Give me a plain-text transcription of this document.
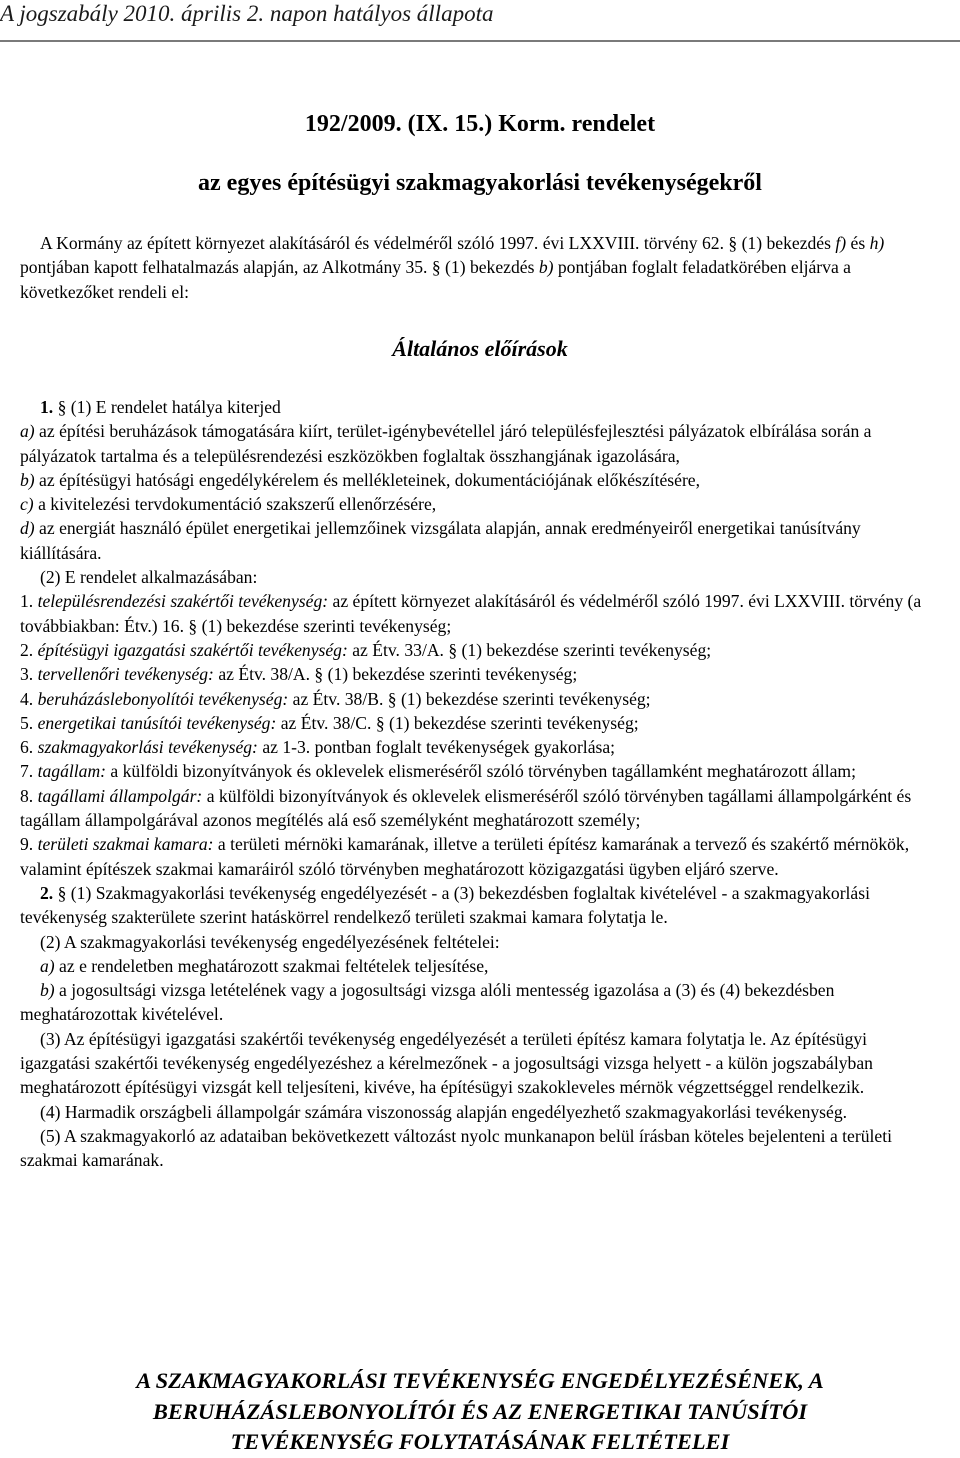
A jogszabály 2010. április 2. napon hatályos állapota
192/2009. (IX. 15.) Korm. rendelet
az egyes építésügyi szakmagyakorlási tevékenységekről

A Kormány az épített környezet alakításáról és védelméről szóló 1997. évi LXXVIII. törvény 62. § (1) bekezdés f) és h) pontjában kapott felhatalmazás alapján, az Alkotmány 35. § (1) bekezdés b) pontjában foglalt feladatkörében eljárva a következőket rendeli el:

Általános előírások

1. § (1) E rendelet hatálya kiterjed

a) az építési beruházások támogatására kiírt, terület-igénybevétellel járó településfejlesztési pályázatok elbírálása során a pályázatok tartalma és a településrendezési eszközökben foglaltak összhangjának igazolására,

b) az építésügyi hatósági engedélykérelem és mellékleteinek, dokumentációjának előkészítésére,

c) a kivitelezési tervdokumentáció szakszerű ellenőrzésére,

d) az energiát használó épület energetikai jellemzőinek vizsgálata alapján, annak eredményeiről energetikai tanúsítvány kiállítására.

(2) E rendelet alkalmazásában:

1. településrendezési szakértői tevékenység: az épített környezet alakításáról és védelméről szóló 1997. évi LXXVIII. törvény (a továbbiakban: Étv.) 16. § (1) bekezdése szerinti tevékenység;

2. építésügyi igazgatási szakértői tevékenység: az Étv. 33/A. § (1) bekezdése szerinti tevékenység;

3. tervellenőri tevékenység: az Étv. 38/A. § (1) bekezdése szerinti tevékenység;

4. beruházáslebonyolítói tevékenység: az Étv. 38/B. § (1) bekezdése szerinti tevékenység;

5. energetikai tanúsítói tevékenység: az Étv. 38/C. § (1) bekezdése szerinti tevékenység;

6. szakmagyakorlási tevékenység: az 1-3. pontban foglalt tevékenységek gyakorlása;

7. tagállam: a külföldi bizonyítványok és oklevelek elismeréséről szóló törvényben tagállamként meghatározott állam;

8. tagállami állampolgár: a külföldi bizonyítványok és oklevelek elismeréséről szóló törvényben tagállami állampolgárként és tagállam állampolgárával azonos megítélés alá eső személyként meghatározott személy;

9. területi szakmai kamara: a területi mérnöki kamarának, illetve a területi építész kamarának a tervező és szakértő mérnökök, valamint építészek szakmai kamaráiról szóló törvényben meghatározott közigazgatási ügyben eljáró szerve.

2. § (1) Szakmagyakorlási tevékenység engedélyezését - a (3) bekezdésben foglaltak kivételével - a szakmagyakorlási tevékenység szakterülete szerint hatáskörrel rendelkező területi szakmai kamara folytatja le.

(2) A szakmagyakorlási tevékenység engedélyezésének feltételei:

a) az e rendeletben meghatározott szakmai feltételek teljesítése,

b) a jogosultsági vizsga letételének vagy a jogosultsági vizsga alóli mentesség igazolása a (3) és (4) bekezdésben meghatározottak kivételével.

(3) Az építésügyi igazgatási szakértői tevékenység engedélyezését a területi építész kamara folytatja le. Az építésügyi igazgatási szakértői tevékenység engedélyezéshez a kérelmezőnek - a jogosultsági vizsga helyett - a külön jogszabályban meghatározott építésügyi vizsgát kell teljesíteni, kivéve, ha építésügyi szakokleveles mérnök végzettséggel rendelkezik.

(4) Harmadik országbeli állampolgár számára viszonosság alapján engedélyezhető szakmagyakorlási tevékenység.

(5) A szakmagyakorló az adataiban bekövetkezett változást nyolc munkanapon belül írásban köteles bejelenteni a területi szakmai kamarának.

A SZAKMAGYAKORLÁSI TEVÉKENYSÉG ENGEDÉLYEZÉSÉNEK, A
BERUHÁZÁSLEBONYOLÍTÓI ÉS AZ ENERGETIKAI TANÚSÍTÓI
TEVÉKENYSÉG FOLYTATÁSÁNAK FELTÉTELEI
